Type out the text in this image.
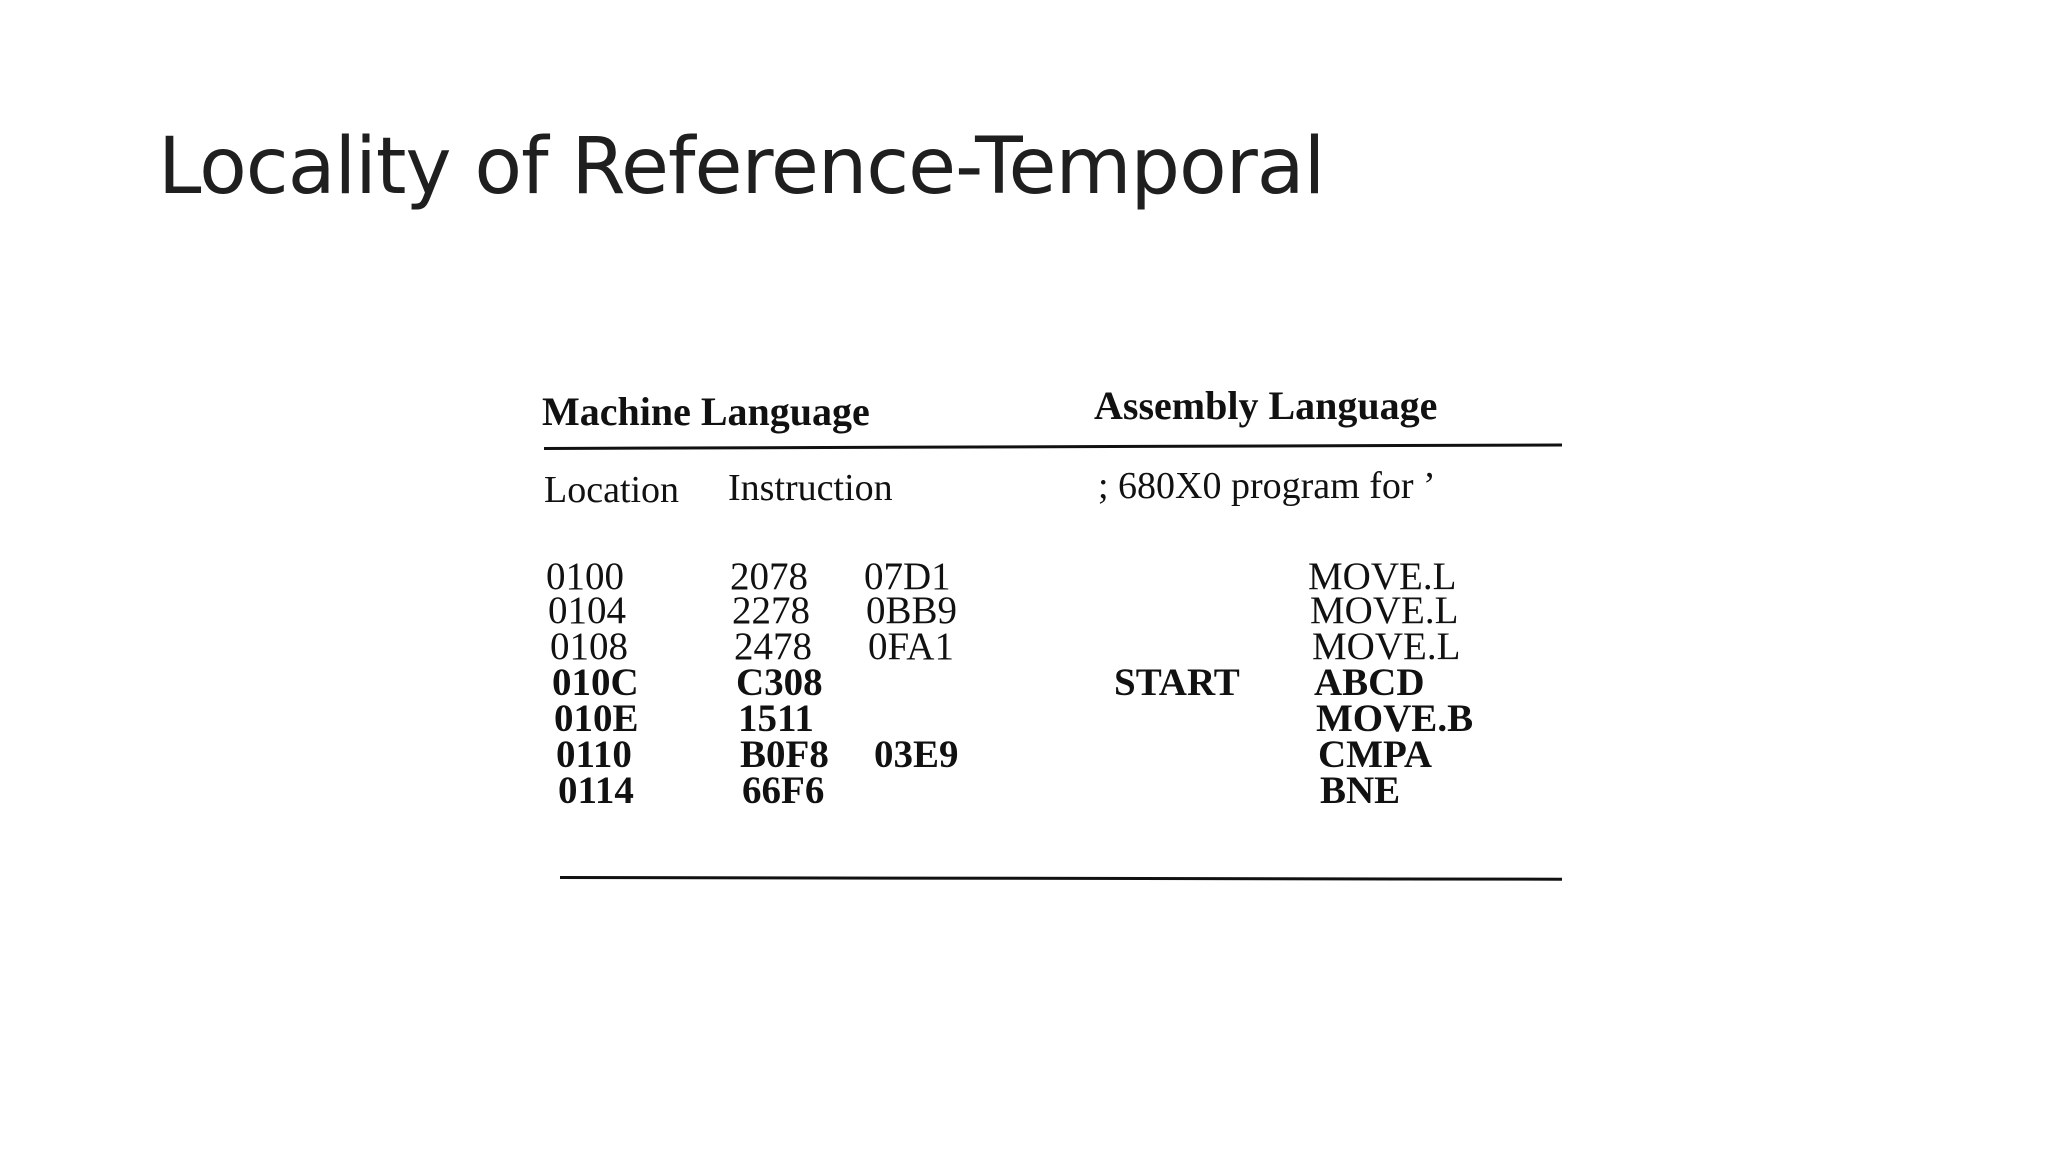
Locality of Reference-Temporal
Machine Language	Assembly Language
Location Instruction	; 680X0 program for ’
0100	2078 07D1	MOVE.L
0104	2278 0BB9	MOVE.L
0108	2478 0FA1	MOVE.L
010C C308	START ABCD
010E	1511	MOVE.B
0110	B0F8 03E9	CMPA
0114	66F6	BNE
